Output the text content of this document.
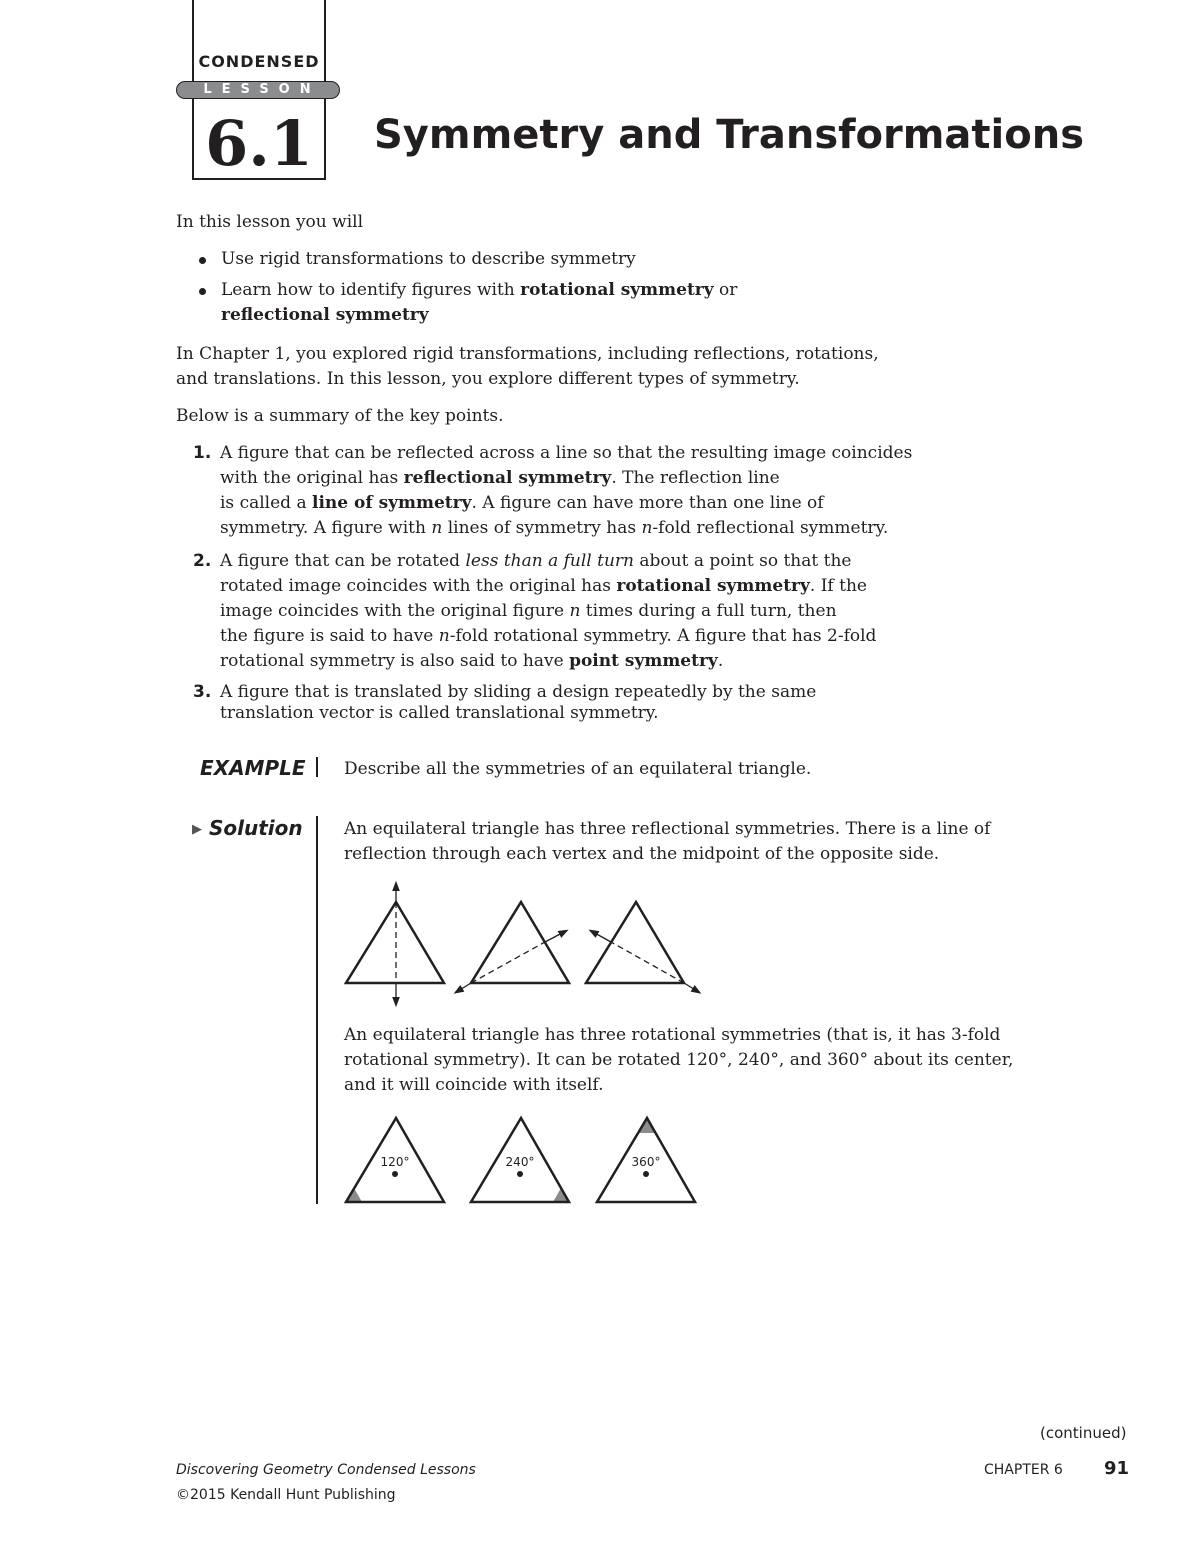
CONDENSED
LESSON
6.1	Symmetry and Transformations
In this lesson you will
Use rigid transformations to describe symmetry
Learn how to identify figures with rotational symmetry or
reflectional symmetry
In Chapter 1, you explored rigid transformations, including reflections, rotations,
and translations. In this lesson, you explore different types of symmetry.
Below is a summary of the key points.
1. A figure that can be reflected across a line so that the resulting image coincides
with the original has reflectional symmetry. The reflection line
is called a line of symmetry. A figure can have more than one line of
symmetry. A figure with n lines of symmetry has n-fold reflectional symmetry.
2. A figure that can be rotated less than a full turn about a point so that the
rotated image coincides with the original has rotational symmetry. If the
image coincides with the original figure n times during a full turn, then
the figure is said to have n-fold rotational symmetry. A figure that has 2-fold
rotational symmetry is also said to have point symmetry.
3. A figure that is translated by sliding a design repeatedly by the same
translation vector is called translational symmetry.
EXAMPLE Describe all the symmetries of an equilateral triangle.
▶ Solution An equilateral triangle has three reflectional symmetries. There is a line of
reflection through each vertex and the midpoint of the opposite side.
An equilateral triangle has three rotational symmetries (that is, it has 3-fold
rotational symmetry). It can be rotated 120°, 240°, and 360° about its center,
and it will coincide with itself.
120°	240°	360°
(continued)
Discovering Geometry Condensed Lessons
©2015 Kendall Hunt Publishing
CHAPTER 6 91
